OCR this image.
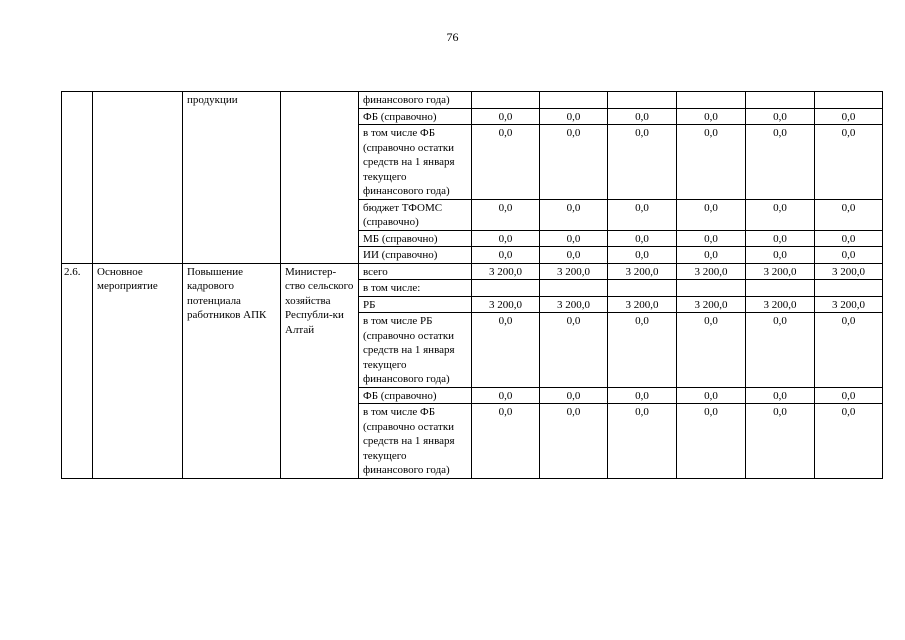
76
		продукции		финансового года)						
				ФБ (справочно)	0,0	0,0	0,0	0,0	0,0	0,0
				в том числе ФБ (справочно остатки средств на 1 января текущего финансового года)	0,0	0,0	0,0	0,0	0,0	0,0
				бюджет ТФОМС (справочно)	0,0	0,0	0,0	0,0	0,0	0,0
				МБ (справочно)	0,0	0,0	0,0	0,0	0,0	0,0
				ИИ (справочно)	0,0	0,0	0,0	0,0	0,0	0,0
2.6.	Основное мероприятие	Повышение кадрового потенциала работников АПК	Министер-ство сельского хозяйства Республи-ки Алтай	всего	3 200,0	3 200,0	3 200,0	3 200,0	3 200,0	3 200,0
				в том числе:						
				РБ	3 200,0	3 200,0	3 200,0	3 200,0	3 200,0	3 200,0
				в том числе РБ (справочно остатки средств на 1 января текущего финансового года)	0,0	0,0	0,0	0,0	0,0	0,0
				ФБ (справочно)	0,0	0,0	0,0	0,0	0,0	0,0
				в том числе ФБ (справочно остатки средств на 1 января текущего финансового года)	0,0	0,0	0,0	0,0	0,0	0,0
